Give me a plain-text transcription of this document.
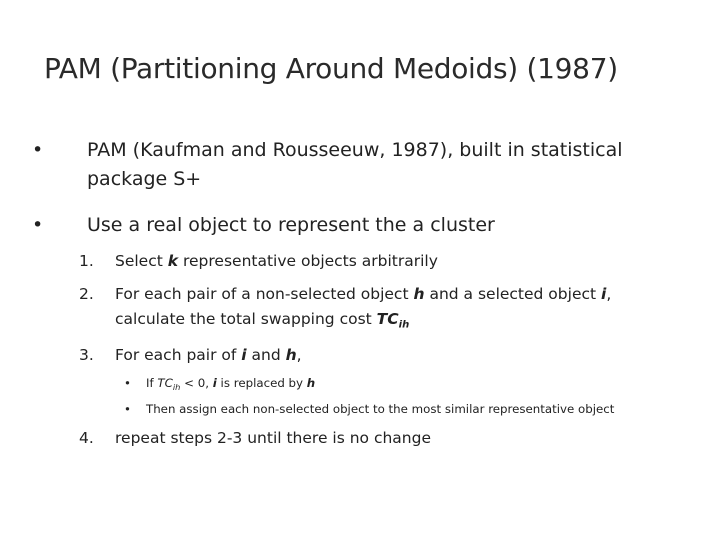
PAM (Partitioning Around Medoids) (1987)
• PAM (Kaufman and Rousseeuw, 1987), built in statistical package S+
• Use a real object to represent the a cluster
1. Select k representative objects arbitrarily
2. For each pair of a non-selected object h and a selected object i, calculate the total swapping cost $TC_{ih}$
3. For each pair of i and h,
• If $TC_{ih} < 0$, i is replaced by h
• Then assign each non-selected object to the most similar representative object
4. repeat steps 2-3 until there is no change
